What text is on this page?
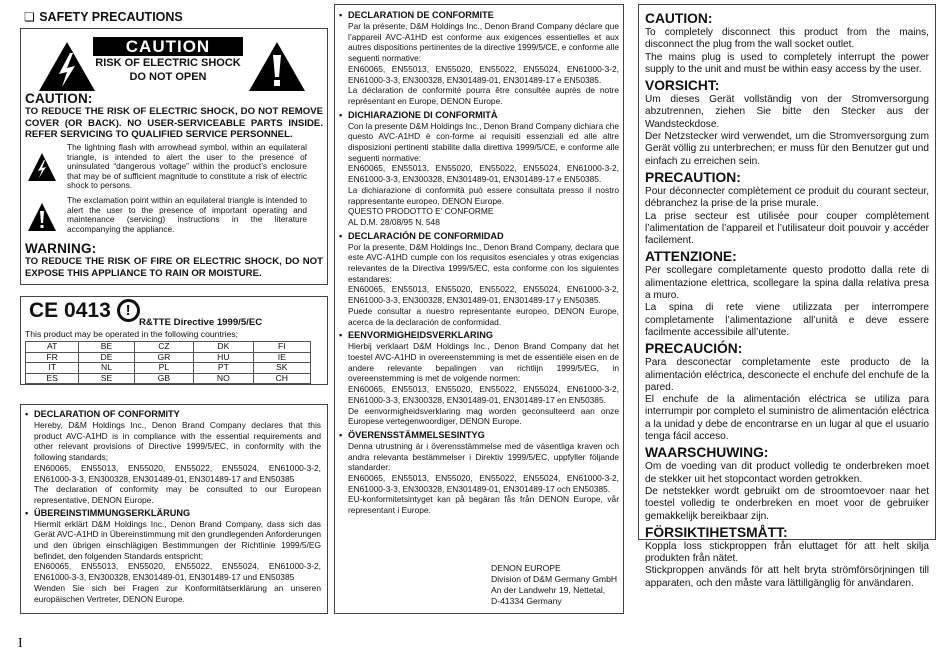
❑ SAFETY PRECAUTIONS
CAUTION
RISK OF ELECTRIC SHOCK
DO NOT OPEN
CAUTION:

TO REDUCE THE RISK OF ELECTRIC SHOCK, DO NOT REMOVE COVER (OR BACK). NO USER-SERVICEABLE PARTS INSIDE. REFER SERVICING TO QUALIFIED SERVICE PERSONNEL.

The lightning flash with arrowhead symbol, within an equilateral triangle, is intended to alert the user to the presence of uninsulated “dangerous voltage” within the product’s enclosure that may be of sufficient magnitude to constitute a risk of electric shock to persons.

The exclamation point within an equilateral triangle is intended to alert the user to the presence of important operating and maintenance (servicing) instructions in the literature accompanying the appliance.

WARNING:

TO REDUCE THE RISK OF FIRE OR ELECTRIC SHOCK, DO NOT EXPOSE THIS APPLIANCE TO RAIN OR MOISTURE.

CE 0413 !
R&TTE Directive 1999/5/EC
This product may be operated in the following countries;
AT	BE	CZ	DK	FI
FR	DE	GR	HU	IE
IT	NL	PL	PT	SK
ES	SE	GB	NO	CH
• DECLARATION OF CONFORMITY

Hereby, D&M Holdings Inc., Denon Brand Company declares that this product AVC-A1HD is in compliance with the essential requirements and other relevant provisions of Directive 1999/5/EC, in conformity with the following standards;

EN60065, EN55013, EN55020, EN55022, EN55024, EN61000-3-2, EN61000-3-3, EN300328, EN301489-01, EN301489-17 and EN50385

The declaration of conformity may be consulted to our European representative, DENON Europe.

• ÜBEREINSTIMMUNGSERKLÄRUNG

Hiermit erklärt D&M Holdings Inc., Denon Brand Company, dass sich das Gerät AVC-A1HD in Übereinstimmung mit den grundlegenden Anforderungen und den übrigen einschlägigen Bestimmungen der Richtlinie 1999/5/EG befindet, den folgenden Standards entspricht;

EN60065, EN55013, EN55020, EN55022, EN55024, EN61000-3-2, EN61000-3-3, EN300328, EN301489-01, EN301489-17 und EN50385

Wenden Sie sich bei Fragen zur Konformitätserklärung an unseren europäischen Vertreter, DENON Europe.

• DECLARATION DE CONFORMITE

Par la présente, D&M Holdings Inc., Denon Brand Company déclare que l’appareil AVC-A1HD est conforme aux exigences essentielles et aux autres dispositions pertinentes de la directive 1999/5/CE, e conforme alle seguenti normative:

EN60065, EN55013, EN55020, EN55022, EN55024, EN61000-3-2, EN61000-3-3, EN300328, EN301489-01, EN301489-17 e EN50385.

La déclaration de conformité pourra être consultée auprès de notre représentant en Europe, DENON Europe.

• DICHIARAZIONE DI CONFORMITÀ

Con la presente D&M Holdings Inc., Denon Brand Company dichiara che questo AVC-A1HD è con-forme ai requisiti essenziali ed alle altre disposizioni pertinenti stabilite dalla direttiva 1999/5/CE, e conforme alle seguenti normative:

EN60065, EN55013, EN55020, EN55022, EN55024, EN61000-3-2, EN61000-3-3, EN300328, EN301489-01, EN301489-17 e EN50385.

La dichiarazione di conformità può essere consultata presso il nostro rappresentante europeo, DENON Europe.

QUESTO PRODOTTO E’ CONFORME

AL D.M. 28/08/95 N. 548

• DECLARACIÓN DE CONFORMIDAD

Por la presente, D&M Holdings Inc., Denon Brand Company, declara que este AVC-A1HD cumple con los requisitos esenciales y otras exigencias relevantes de la Directiva 1999/5/EC, esta conforme con los siguientes estandares:

EN60065, EN55013, EN55020, EN55022, EN55024, EN61000-3-2, EN61000-3-3, EN300328, EN301489-01, EN301489-17 y EN50385.

Puede consultar a nuestro representante europeo, DENON Europe, acerca de la declaración de conformidad.

• EENVORMIGHEIDSVERKLARING

Hierbij verklaart D&M Holdings Inc., Denon Brand Company dat het toestel AVC-A1HD in overeenstemming is met de essentiële eisen en de andere relevante bepalingen van richtlijn 1999/5/EG, in overeenstemming is met de volgende normen:

EN60065, EN55013, EN55020, EN55022, EN55024, EN61000-3-2, EN61000-3-3, EN300328, EN301489-01, EN301489-17 en EN50385.

De eenvormigheidsverklaring mag worden geconsulteerd aan onze Europese vertegenwoordiger, DENON Europe.

• ÖVERENSSTÄMMELSESINTYG

Denna utrustning är i överensstämmelse med de väsentliga kraven och andra relevanta bestämmelser i Direktiv 1999/5/EC, uppfyller följande standarder:

EN60065, EN55013, EN55020, EN55022, EN55024, EN61000-3-2, EN61000-3-3, EN300328, EN301489-01, EN301489-17 och EN50385.

EU-konformitetsintyget kan på begäran fås från DENON Europe, vår representant i Europe.

DENON EUROPE
Division of D&M Germany GmbH
An der Landwehr 19, Nettetal,
D-41334 Germany
CAUTION:

To completely disconnect this product from the mains, disconnect the plug from the wall socket outlet.
The mains plug is used to completely interrupt the power supply to the unit and must be within easy access by the user.

VORSICHT:

Um dieses Gerät vollständig von der Stromversorgung abzutrennen, ziehen Sie bitte den Stecker aus der Wandsteckdose.
Der Netzstecker wird verwendet, um die Stromversorgung zum Gerät völlig zu unterbrechen; er muss für den Benutzer gut und einfach zu erreichen sein.

PRECAUTION:

Pour déconnecter complètement ce produit du courant secteur, débranchez la prise de la prise murale.
La prise secteur est utilisée pour couper complètement l’alimentation de l’appareil et l’utilisateur doit pouvoir y accéder facilement.

ATTENZIONE:

Per scollegare completamente questo prodotto dalla rete di alimentazione elettrica, scollegare la spina dalla relativa presa a muro.
La spina di rete viene utilizzata per interrompere completamente l’alimentazione all’unità e deve essere facilmente accessibile all’utente.

PRECAUCIÓN:

Para desconectar completamente este producto de la alimentación eléctrica, desconecte el enchufe del enchufe de la pared.
El enchufe de la alimentación eléctrica se utiliza para interrumpir por completo el suministro de alimentación eléctrica a la unidad y debe de encontrarse en un lugar al que el usuario tenga fácil acceso.

WAARSCHUWING:

Om de voeding van dit product volledig te onderbreken moet de stekker uit het stopcontact worden getrokken.
De netstekker wordt gebruikt om de stroomtoevoer naar het toestel volledig te onderbreken en moet voor de gebruiker gemakkelijk bereikbaar zijn.

FÖRSIKTIHETSMÅTT:

Koppla loss stickproppen från eluttaget för att helt skilja produkten från nätet.
Stickproppen används för att helt bryta strömförsörjningen till apparaten, och den måste vara lättillgänglig för användaren.

I
